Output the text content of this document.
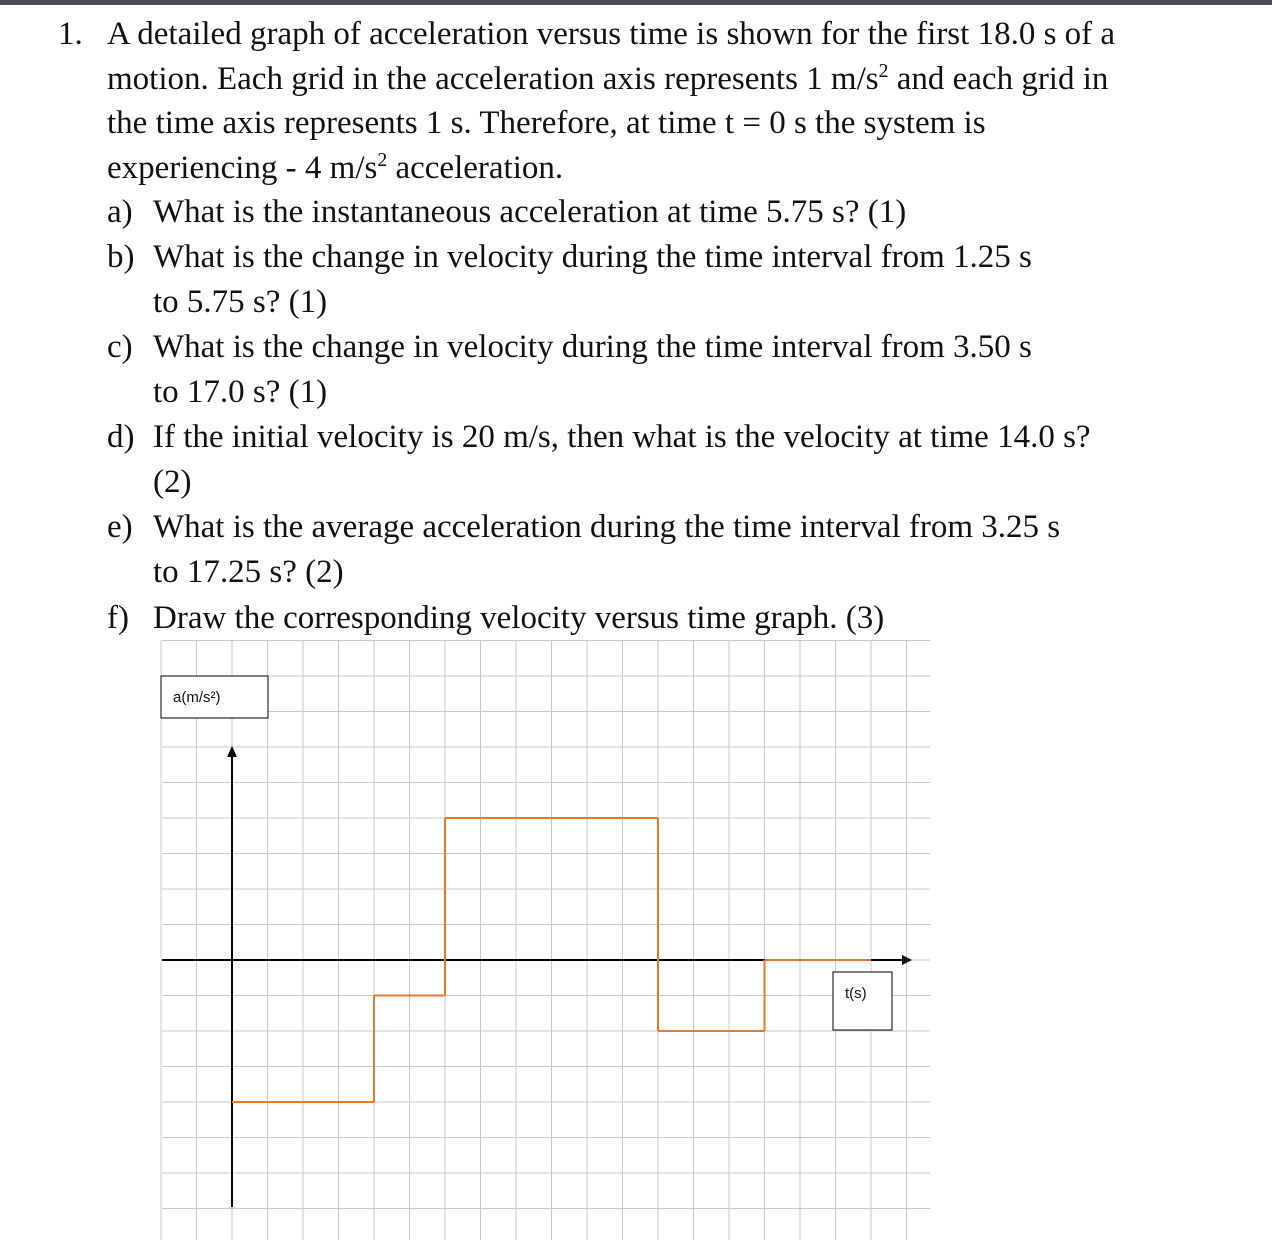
1. A detailed graph of acceleration versus time is shown for the first 18.0 s of a
motion. Each grid in the acceleration axis represents 1 $m/s^2$ and each grid in
the time axis represents 1 s. Therefore, at time t = 0 s the system is
experiencing - 4 $m/s^2$ acceleration.
a) What is the instantaneous acceleration at time 5.75 s? (1)
b) What is the change in velocity during the time interval from 1.25 s
to 5.75 s? (1)
c) What is the change in velocity during the time interval from 3.50 s
to 17.0 s? (1)
d) If the initial velocity is 20 m/s, then what is the velocity at time 14.0 s?
(2)
e) What is the average acceleration during the time interval from 3.25 s
to 17.25 s? (2)
f) Draw the corresponding velocity versus time graph. (3)
a(m/s²)
t(s)
